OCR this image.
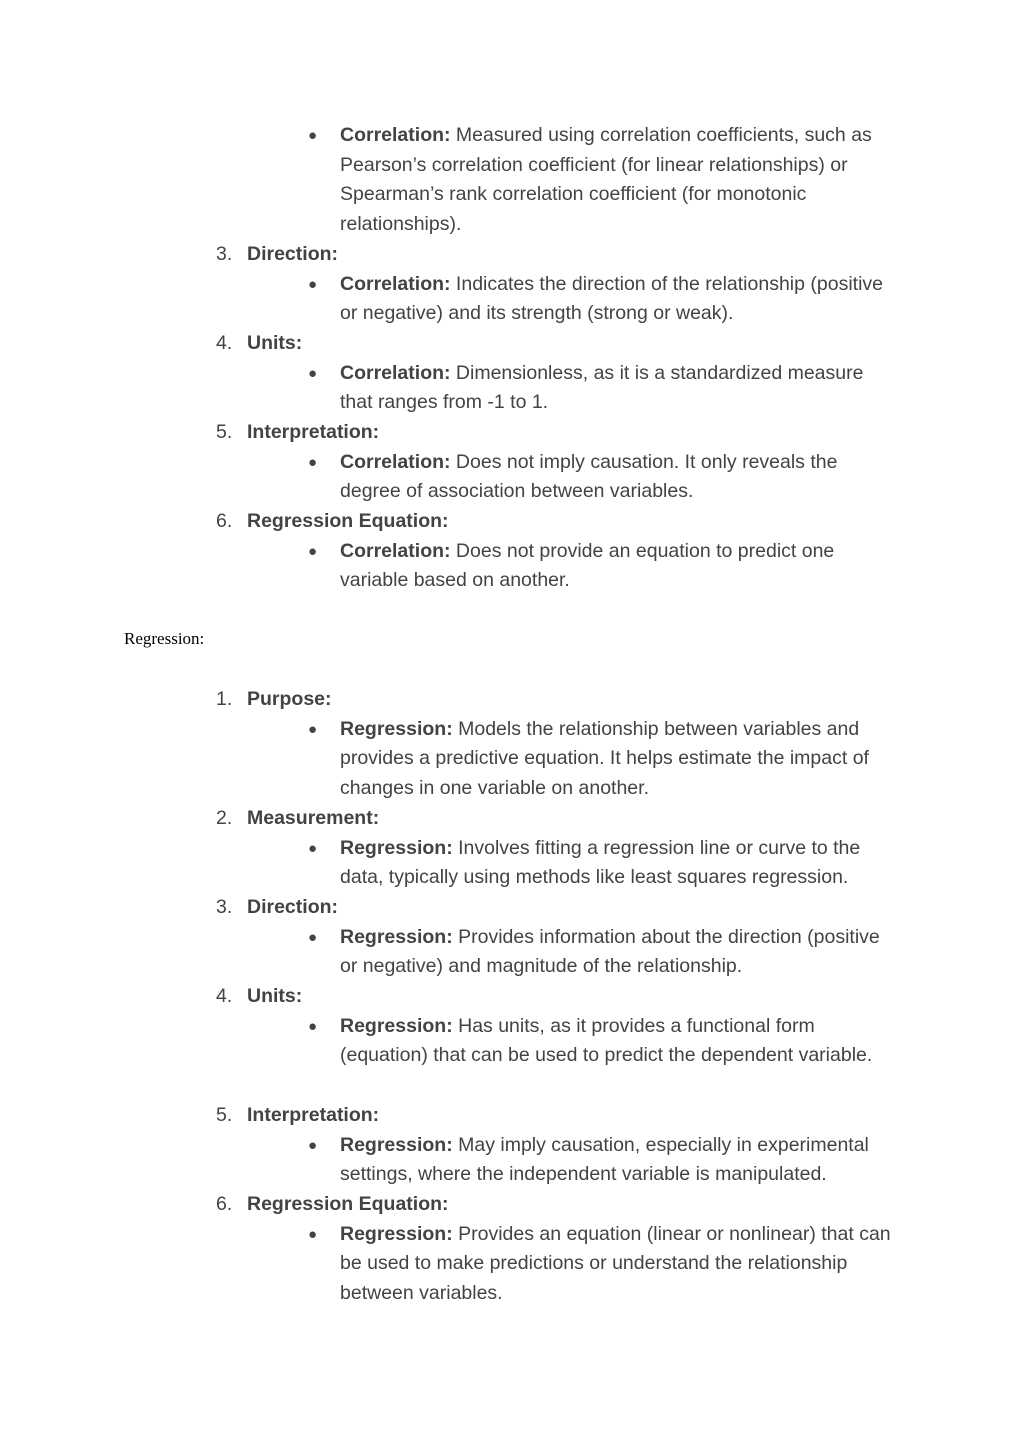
● Correlation: Measured using correlation coefficients, such as Pearson’s correlation coefficient (for linear relationships) or Spearman’s rank correlation coefficient (for monotonic relationships).
3. Direction:
● Correlation: Indicates the direction of the relationship (positive or negative) and its strength (strong or weak).
4. Units:
● Correlation: Dimensionless, as it is a standardized measure that ranges from -1 to 1.
5. Interpretation:
● Correlation: Does not imply causation. It only reveals the degree of association between variables.
6. Regression Equation:
● Correlation: Does not provide an equation to predict one variable based on another.
Regression:
1. Purpose:
● Regression: Models the relationship between variables and provides a predictive equation. It helps estimate the impact of changes in one variable on another.
2. Measurement:
● Regression: Involves fitting a regression line or curve to the data, typically using methods like least squares regression.
3. Direction:
● Regression: Provides information about the direction (positive or negative) and magnitude of the relationship.
4. Units:
● Regression: Has units, as it provides a functional form (equation) that can be used to predict the dependent variable.
5. Interpretation:
● Regression: May imply causation, especially in experimental settings, where the independent variable is manipulated.
6. Regression Equation:
● Regression: Provides an equation (linear or nonlinear) that can be used to make predictions or understand the relationship between variables.
